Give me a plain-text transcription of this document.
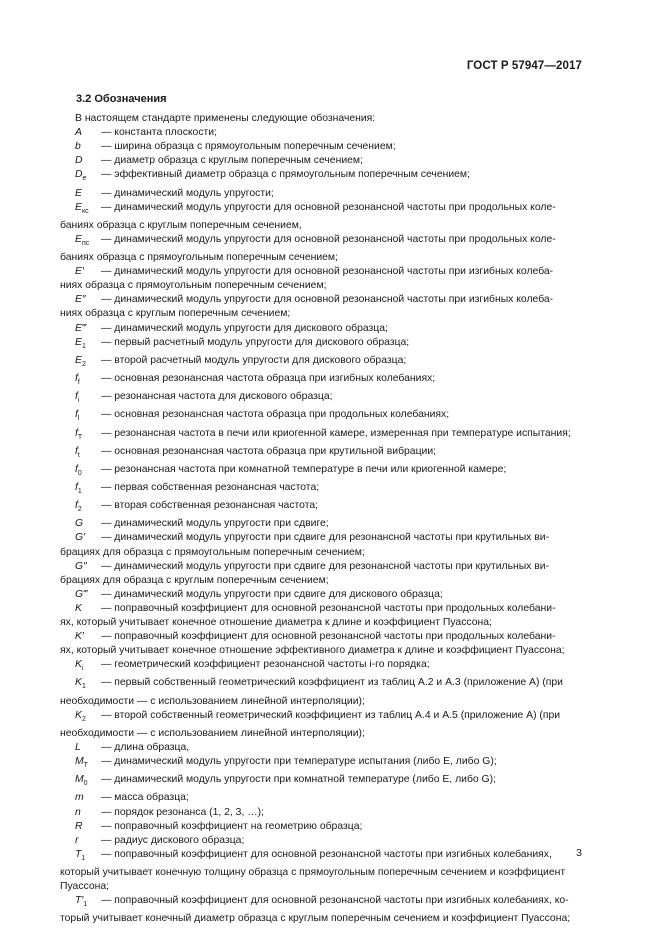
ГОСТ Р 57947—2017
3.2 Обозначения
В настоящем стандарте применены следующие обозначения:
A — константа плоскости;
b — ширина образца с прямоугольным поперечным сечением;
D — диаметр образца с круглым поперечным сечением;
$D_e$ — эффективный диаметр образца с прямоугольным поперечным сечением;
E — динамический модуль упругости;
$E_{кс}$ — динамический модуль упругости для основной резонансной частоты при продольных коле-
баниях образца с круглым поперечным сечением,
$E_{пс}$ — динамический модуль упругости для основной резонансной частоты при продольных коле-
баниях образца с прямоугольным поперечным сечением;
E′ — динамический модуль упругости для основной резонансной частоты при изгибных колеба-
ниях образца с прямоугольным поперечным сечением;
E″ — динамический модуль упругости для основной резонансной частоты при изгибных колеба-
ниях образца с круглым поперечным сечением;
E‴ — динамический модуль упругости для дискового образца;
$E_1$ — первый расчетный модуль упругости для дискового образца;
$E_2$ — второй расчетный модуль упругости для дискового образца;
$f_f$ — основная резонансная частота образца при изгибных колебаниях;
$f_i$ — резонансная частота для дискового образца;
$f_l$ — основная резонансная частота образца при продольных колебаниях;
$f_T$ — резонансная частота в печи или криогенной камере, измеренная при температуре испытания;
$f_t$ — основная резонансная частота образца при крутильной вибрации;
$f_0$ — резонансная частота при комнатной температуре в печи или криогенной камере;
$f_1$ — первая собственная резонансная частота;
$f_2$ — вторая собственная резонансная частота;
G — динамический модуль упругости при сдвиге;
G′ — динамический модуль упругости при сдвиге для резонансной частоты при крутильных ви-
брациях для образца с прямоугольным поперечным сечением;
G″ — динамический модуль упругости при сдвиге для резонансной частоты при крутильных ви-
брациях для образца с круглым поперечным сечением;
G‴ — динамический модуль упругости при сдвиге для дискового образца;
K — поправочный коэффициент для основной резонансной частоты при продольных колебани-
ях, который учитывает конечное отношение диаметра к длине и коэффициент Пуассона;
K′ — поправочный коэффициент для основной резонансной частоты при продольных колебани-
ях, который учитывает конечное отношение эффективного диаметра к длине и коэффициент Пуассона;
$K_i$ — геометрический коэффициент резонансной частоты i-го порядка;
$K_1$ — первый собственный геометрический коэффициент из таблиц А.2 и А.3 (приложение А) (при
необходимости — с использованием линейной интерполяции);
$K_2$ — второй собственный геометрический коэффициент из таблиц А.4 и А.5 (приложение А) (при
необходимости — с использованием линейной интерполяции);
L — длина образца,
$M_T$ — динамический модуль упругости при температуре испытания (либо E, либо G);
$M_0$ — динамический модуль упругости при комнатной температуре (либо E, либо G);
m — масса образца;
n — порядок резонанса (1, 2, 3, …);
R — поправочный коэффициент на геометрию образца;
r — радиус дискового образца;
$T_1$ — поправочный коэффициент для основной резонансной частоты при изгибных колебаниях,
который учитывает конечную толщину образца с прямоугольным поперечным сечением и коэффициент
Пуассона;
$T'_1$ — поправочный коэффициент для основной резонансной частоты при изгибных колебаниях, ко-
торый учитывает конечный диаметр образца с круглым поперечным сечением и коэффициент Пуассона;
3
